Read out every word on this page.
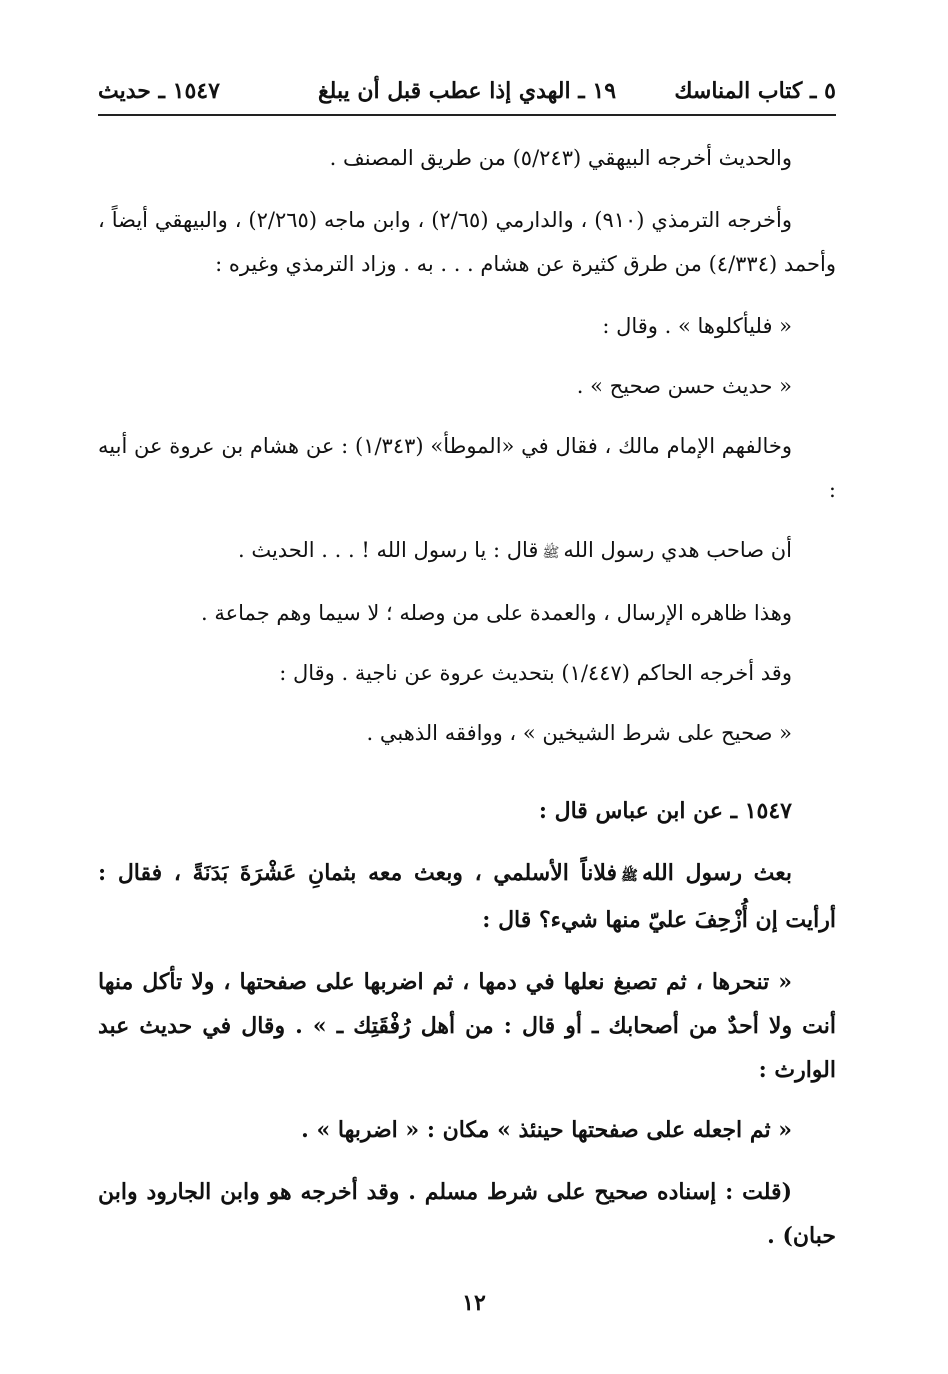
٥ ـ كتاب المناسك
١٩ ـ الهدي إذا عطب قبل أن يبلغ
١٥٤٧ ـ حديث

والحديث أخرجه البيهقي (٥/٢٤٣) من طريق المصنف .

وأخرجه الترمذي (٩١٠) ، والدارمي (٢/٦٥) ، وابن ماجه (٢/٢٦٥) ، والبيهقي أيضاً ، وأحمد (٤/٣٣٤) من طرق كثيرة عن هشام . . . به . وزاد الترمذي وغيره :

« فليأكلوها » . وقال :

« حديث حسن صحيح » .

وخالفهم الإمام مالك ، فقال في «الموطأ» (١/٣٤٣) : عن هشام بن عروة عن أبيه :

أن صاحب هدي رسول اللهﷺقال : يا رسول الله ! . . . الحديث .

وهذا ظاهره الإرسال ، والعمدة على من وصله ؛ لا سيما وهم جماعة .

وقد أخرجه الحاكم (١/٤٤٧) بتحديث عروة عن ناجية . وقال :

« صحيح على شرط الشيخين » ، ووافقه الذهبي .

١٥٤٧ ـ عن ابن عباس قال :

بعث رسول اللهﷺفلاناً الأسلمي ، وبعث معه بثمانِ عَشْرَةَ بَدَنَةً ، فقال : أرأيت إن أُزْحِفَ عليّ منها شيء؟ قال :

« تنحرها ، ثم تصبغ نعلها في دمها ، ثم اضربها على صفحتها ، ولا تأكل منها أنت ولا أحدٌ من أصحابك ـ أو قال : من أهل رُفْقَتِك ـ » . وقال في حديث عبد الوارث :

« ثم اجعله على صفحتها حينئذ » مكان : « اضربها » .

(قلت : إسناده صحيح على شرط مسلم . وقد أخرجه هو وابن الجارود وابن حبان) .

١٢
